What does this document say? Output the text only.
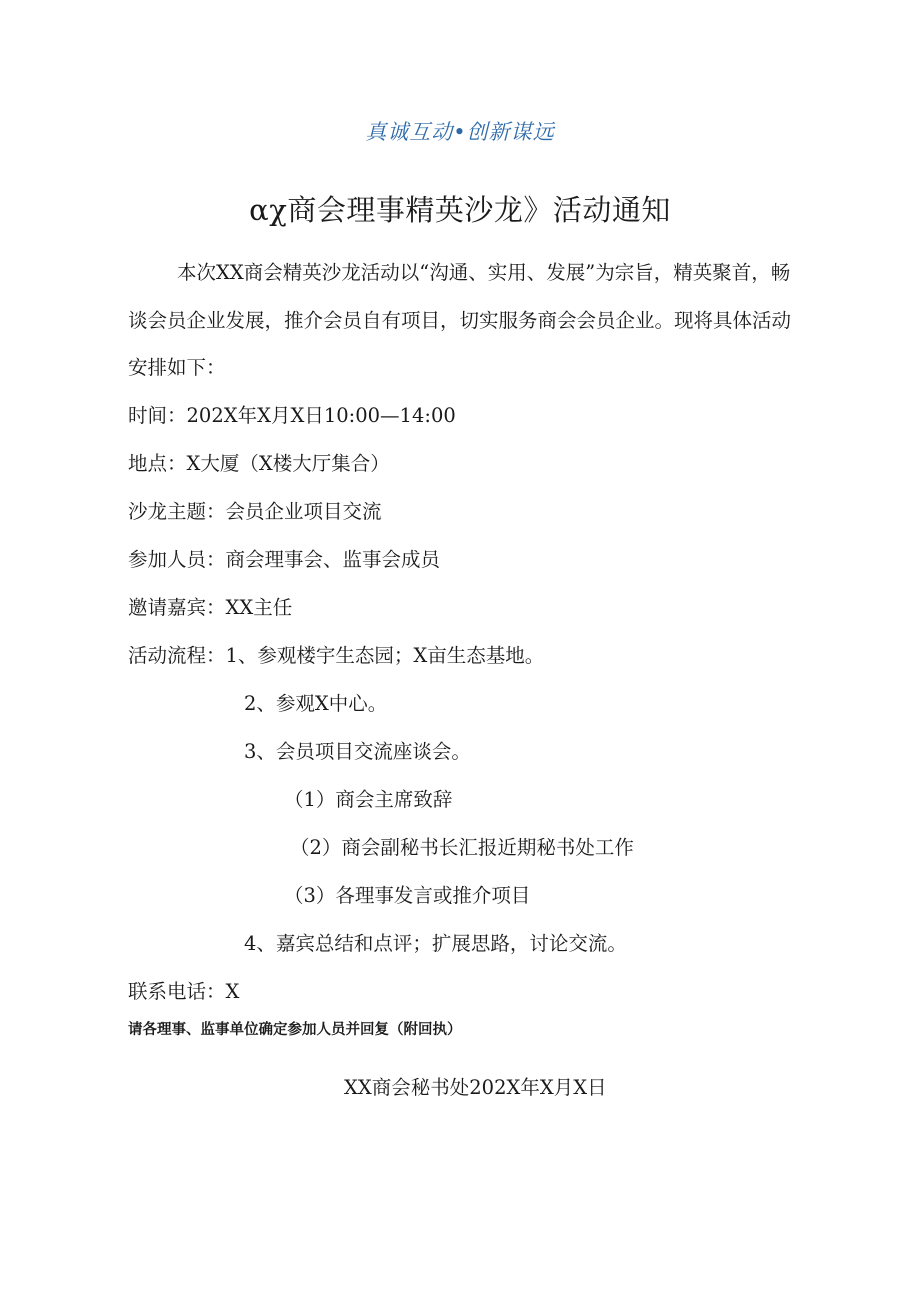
真诚互动•创新谋远
αχ商会理事精英沙龙》活动通知
本次XX商会精英沙龙活动以“沟通、实用、发展”为宗旨，精英聚首，畅谈会员企业发展，推介会员自有项目，切实服务商会会员企业。现将具体活动安排如下：
时间：202X年X月X日10:00—14:00
地点：X大厦（X楼大厅集合）
沙龙主题：会员企业项目交流
参加人员：商会理事会、监事会成员
邀请嘉宾：XX主任
活动流程：1、参观楼宇生态园；X亩生态基地。
2、参观X中心。
3、会员项目交流座谈会。
（1）商会主席致辞
（2）商会副秘书长汇报近期秘书处工作
（3）各理事发言或推介项目
4、嘉宾总结和点评；扩展思路，讨论交流。
联系电话：X
请各理事、监事单位确定参加人员并回复（附回执）
XX商会秘书处202X年X月X日
